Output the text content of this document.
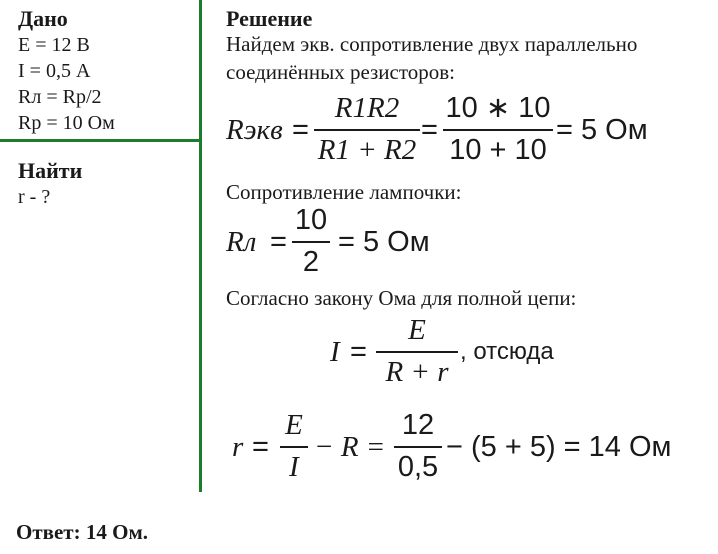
Дано
E = 12 В
I = 0,5 А
Rл = Rр/2
Rр = 10 Ом
Найти
r - ?
Решение
Найдем экв. сопротивление двух параллельно
соединённых резисторов:
Rэкв =
R1R2
R1 + R2
=
10 ∗ 10
10 + 10
= 5 Ом
Сопротивление лампочки:
Rл =
10
2
= 5 Ом
Согласно закону Ома для полной цепи:
I =
E
R + r
, отсюда
r =
E
I
− R =
12
0,5
− (5 + 5) = 14 Ом
Ответ: 14 Ом.
